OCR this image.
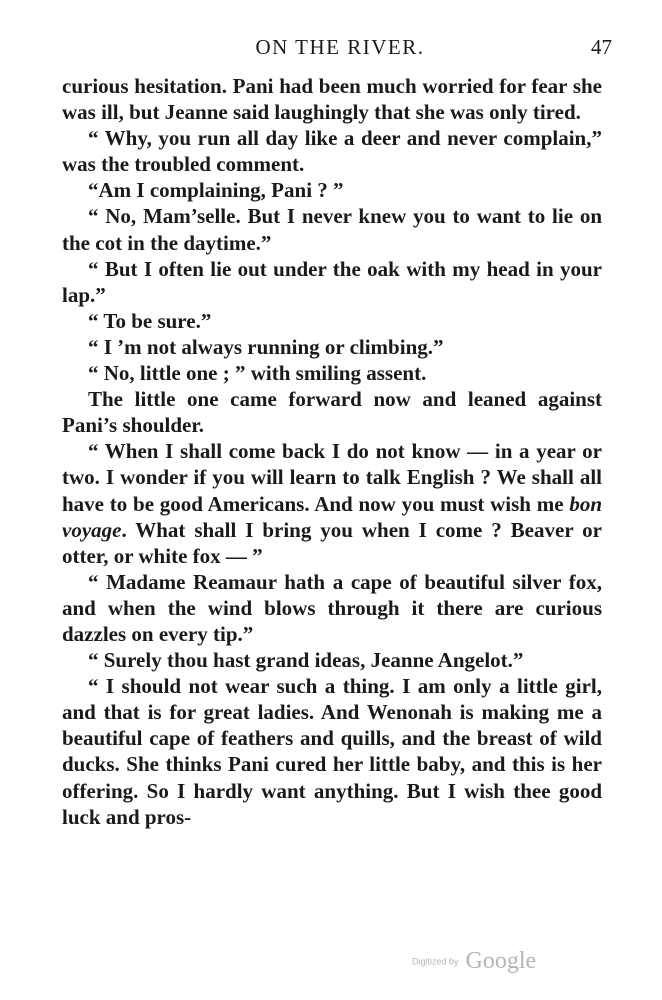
ON THE RIVER.	47

curious hesitation. Pani had been much worried for fear she was ill, but Jeanne said laughingly that she was only tired.

“ Why, you run all day like a deer and never complain,” was the troubled comment.

“Am I complaining, Pani ? ”

“ No, Mam’selle. But I never knew you to want to lie on the cot in the daytime.”

“ But I often lie out under the oak with my head in your lap.”

“ To be sure.”

“ I ’m not always running or climbing.”

“ No, little one ; ” with smiling assent.

The little one came forward now and leaned against Pani’s shoulder.

“ When I shall come back I do not know — in a year or two. I wonder if you will learn to talk English ? We shall all have to be good Americans. And now you must wish me bon voyage. What shall I bring you when I come ? Beaver or otter, or white fox — ”

“ Madame Reamaur hath a cape of beautiful silver fox, and when the wind blows through it there are curious dazzles on every tip.”

“ Surely thou hast grand ideas, Jeanne Angelot.”

“ I should not wear such a thing. I am only a little girl, and that is for great ladies. And Wenonah is making me a beautiful cape of feathers and quills, and the breast of wild ducks. She thinks Pani cured her little baby, and this is her offering. So I hardly want anything. But I wish thee good luck and pros-

Digitized by Google
